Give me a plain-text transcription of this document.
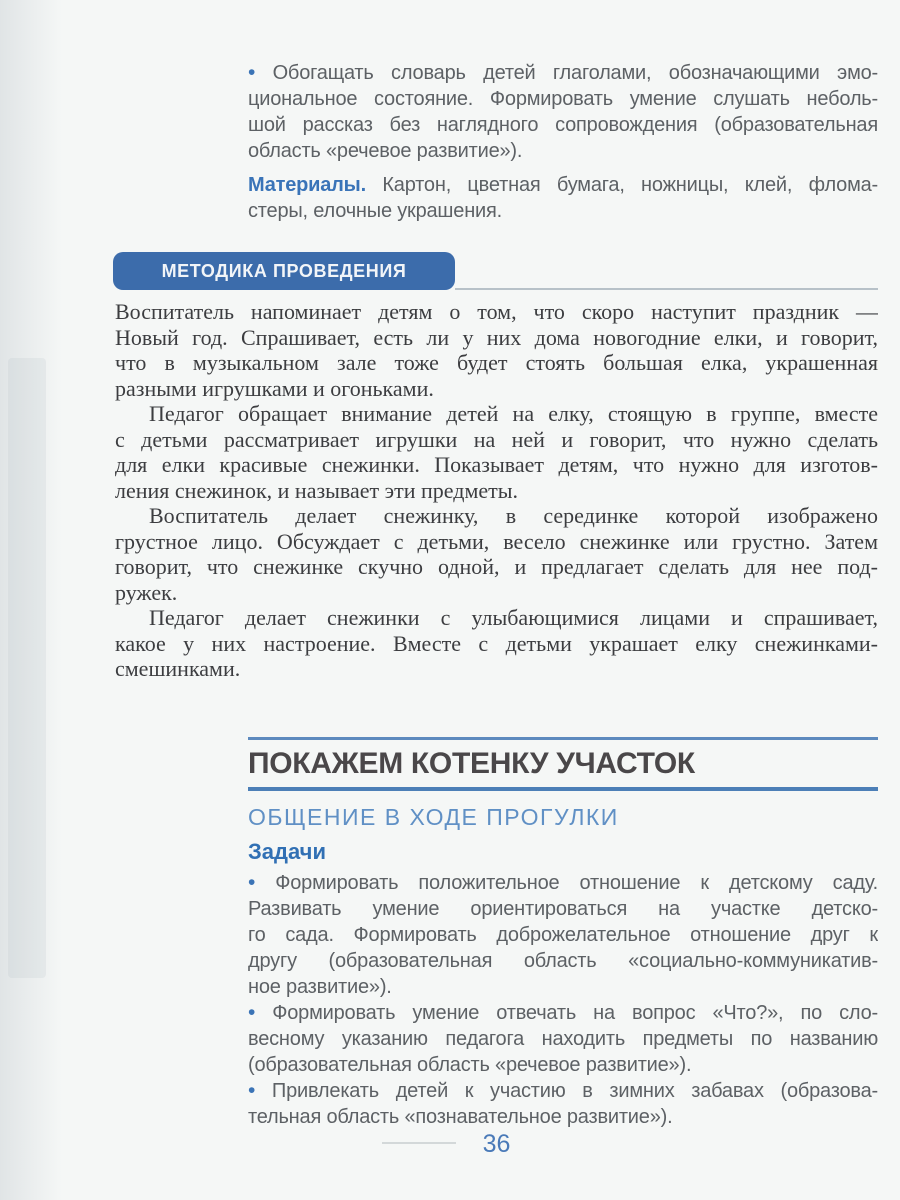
• Обогащать словарь детей глаголами, обозначающими эмо-
циональное состояние. Формировать умение слушать неболь-
шой рассказ без наглядного сопровождения (образовательная
область «речевое развитие»).
Материалы. Картон, цветная бумага, ножницы, клей, флома-
стеры, елочные украшения.
МЕТОДИКА ПРОВЕДЕНИЯ
Воспитатель напоминает детям о том, что скоро наступит праздник —
Новый год. Спрашивает, есть ли у них дома новогодние елки, и говорит,
что в музыкальном зале тоже будет стоять большая елка, украшенная
разными игрушками и огоньками.
Педагог обращает внимание детей на елку, стоящую в группе, вместе
с детьми рассматривает игрушки на ней и говорит, что нужно сделать
для елки красивые снежинки. Показывает детям, что нужно для изготов-
ления снежинок, и называет эти предметы.
Воспитатель делает снежинку, в серединке которой изображено
грустное лицо. Обсуждает с детьми, весело снежинке или грустно. Затем
говорит, что снежинке скучно одной, и предлагает сделать для нее под-
ружек.
Педагог делает снежинки с улыбающимися лицами и спрашивает,
какое у них настроение. Вместе с детьми украшает елку снежинками-
смешинками.
ПОКАЖЕМ КОТЕНКУ УЧАСТОК
ОБЩЕНИЕ В ХОДЕ ПРОГУЛКИ
Задачи
• Формировать положительное отношение к детскому саду.
Развивать умение ориентироваться на участке детско-
го сада. Формировать доброжелательное отношение друг к
другу (образовательная область «социально-коммуникатив-
ное развитие»).
• Формировать умение отвечать на вопрос «Что?», по сло-
весному указанию педагога находить предметы по названию
(образовательная область «речевое развитие»).
• Привлекать детей к участию в зимних забавах (образова-
тельная область «познавательное развитие»).
36
